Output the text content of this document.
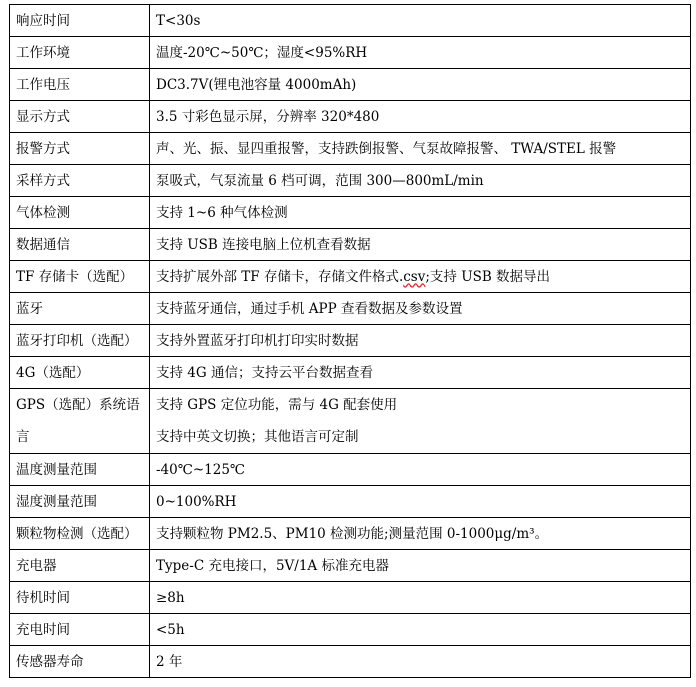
响应时间	T<30s
工作环境	温度-20℃~50℃；湿度<95%RH
工作电压	DC3.7V(锂电池容量 4000mAh)
显示方式	3.5 寸彩色显示屏，分辨率 320*480
报警方式	声、光、振、显四重报警，支持跌倒报警、气泵故障报警、 TWA/STEL 报警
采样方式	泵吸式，气泵流量 6 档可调，范围 300—800mL/min
气体检测	支持 1~6 种气体检测
数据通信	支持 USB 连接电脑上位机查看数据
TF 存储卡（选配）	支持扩展外部 TF 存储卡，存储文件格式.csv;支持 USB 数据导出
蓝牙	支持蓝牙通信，通过手机 APP 查看数据及参数设置
蓝牙打印机（选配）	支持外置蓝牙打印机打印实时数据
4G（选配）	支持 4G 通信；支持云平台数据查看

GPS（选配）系统语言	支持 GPS 定位功能，需与 4G 配套使用
支持中英文切换；其他语言可定制

温度测量范围	-40℃~125℃
湿度测量范围	0~100%RH
颗粒物检测（选配）	支持颗粒物 PM2.5、PM10 检测功能;测量范围 0-1000μg/m³。
充电器	Type-C 充电接口，5V/1A 标准充电器
待机时间	≥8h
充电时间	<5h
传感器寿命	2 年
